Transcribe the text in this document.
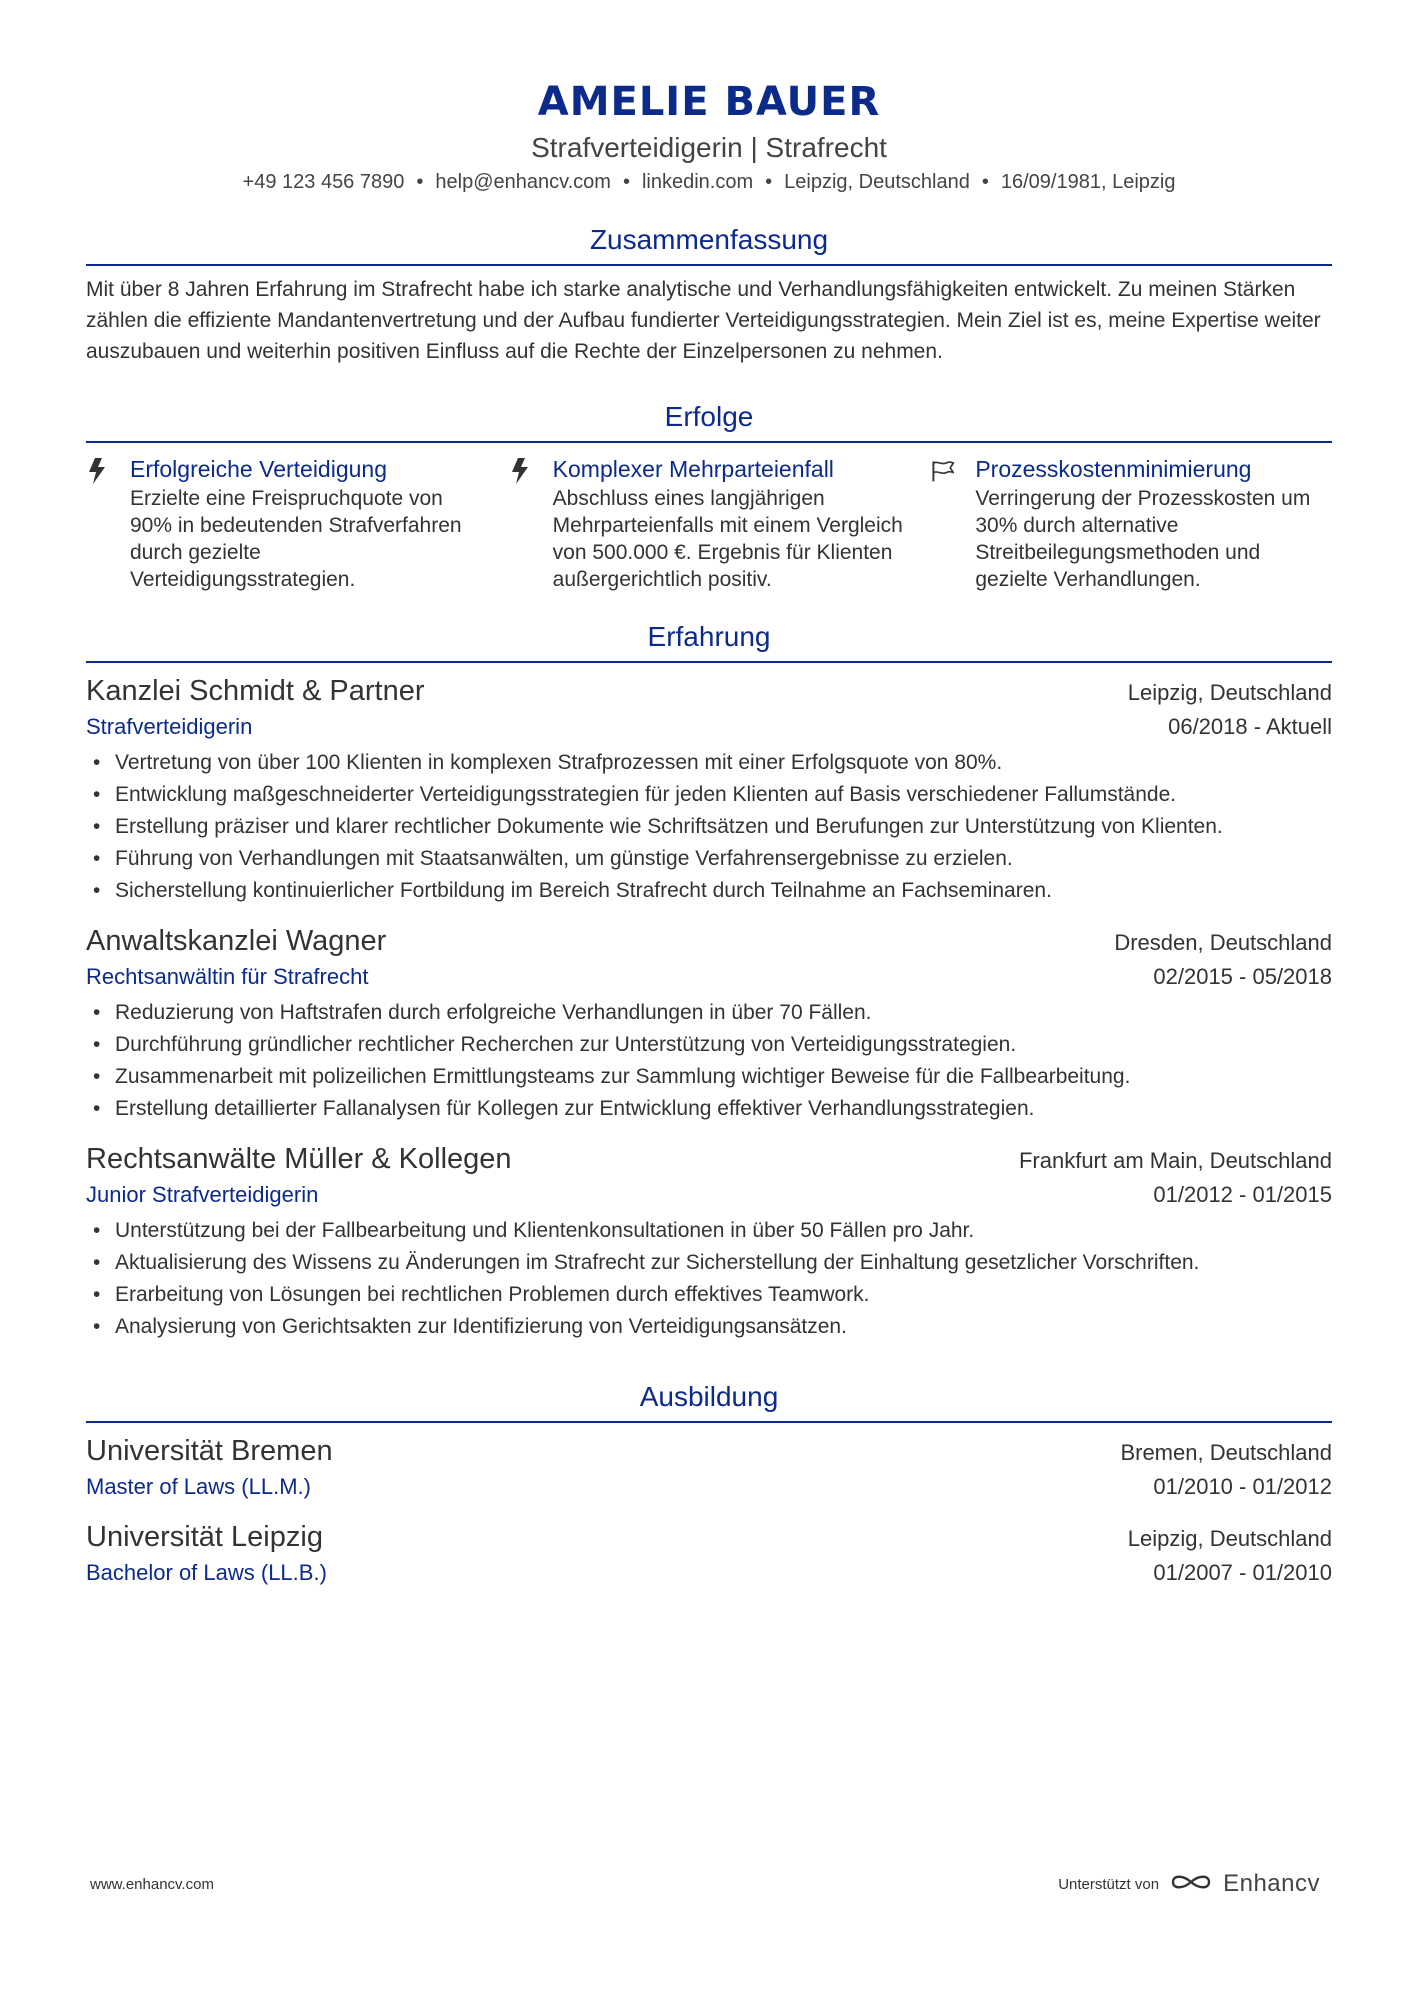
AMELIE BAUER
Strafverteidigerin | Strafrecht
+49 123 456 7890 • help@enhancv.com • linkedin.com • Leipzig, Deutschland • 16/09/1981, Leipzig
Zusammenfassung
Mit über 8 Jahren Erfahrung im Strafrecht habe ich starke analytische und Verhandlungsfähigkeiten entwickelt. Zu meinen Stärken zählen die effiziente Mandantenvertretung und der Aufbau fundierter Verteidigungsstrategien. Mein Ziel ist es, meine Expertise weiter auszubauen und weiterhin positiven Einfluss auf die Rechte der Einzelpersonen zu nehmen.
Erfolge
Erfolgreiche Verteidigung
Erzielte eine Freispruchquote von 90% in bedeutenden Strafverfahren durch gezielte Verteidigungsstrategien.
Komplexer Mehrparteienfall
Abschluss eines langjährigen Mehrparteienfalls mit einem Vergleich von 500.000 €. Ergebnis für Klienten außergerichtlich positiv.
Prozesskostenminimierung
Verringerung der Prozesskosten um 30% durch alternative Streitbeilegungsmethoden und gezielte Verhandlungen.
Erfahrung
Kanzlei Schmidt & Partner	Leipzig, Deutschland
Strafverteidigerin	06/2018 - Aktuell
• Vertretung von über 100 Klienten in komplexen Strafprozessen mit einer Erfolgsquote von 80%.
• Entwicklung maßgeschneiderter Verteidigungsstrategien für jeden Klienten auf Basis verschiedener Fallumstände.
• Erstellung präziser und klarer rechtlicher Dokumente wie Schriftsätzen und Berufungen zur Unterstützung von Klienten.
• Führung von Verhandlungen mit Staatsanwälten, um günstige Verfahrensergebnisse zu erzielen.
• Sicherstellung kontinuierlicher Fortbildung im Bereich Strafrecht durch Teilnahme an Fachseminaren.
Anwaltskanzlei Wagner	Dresden, Deutschland
Rechtsanwältin für Strafrecht	02/2015 - 05/2018
• Reduzierung von Haftstrafen durch erfolgreiche Verhandlungen in über 70 Fällen.
• Durchführung gründlicher rechtlicher Recherchen zur Unterstützung von Verteidigungsstrategien.
• Zusammenarbeit mit polizeilichen Ermittlungsteams zur Sammlung wichtiger Beweise für die Fallbearbeitung.
• Erstellung detaillierter Fallanalysen für Kollegen zur Entwicklung effektiver Verhandlungsstrategien.
Rechtsanwälte Müller & Kollegen	Frankfurt am Main, Deutschland
Junior Strafverteidigerin	01/2012 - 01/2015
• Unterstützung bei der Fallbearbeitung und Klientenkonsultationen in über 50 Fällen pro Jahr.
• Aktualisierung des Wissens zu Änderungen im Strafrecht zur Sicherstellung der Einhaltung gesetzlicher Vorschriften.
• Erarbeitung von Lösungen bei rechtlichen Problemen durch effektives Teamwork.
• Analysierung von Gerichtsakten zur Identifizierung von Verteidigungsansätzen.
Ausbildung
Universität Bremen	Bremen, Deutschland
Master of Laws (LL.M.)	01/2010 - 01/2012
Universität Leipzig	Leipzig, Deutschland
Bachelor of Laws (LL.B.)	01/2007 - 01/2010
www.enhancv.com	Unterstützt von	Enhancv
